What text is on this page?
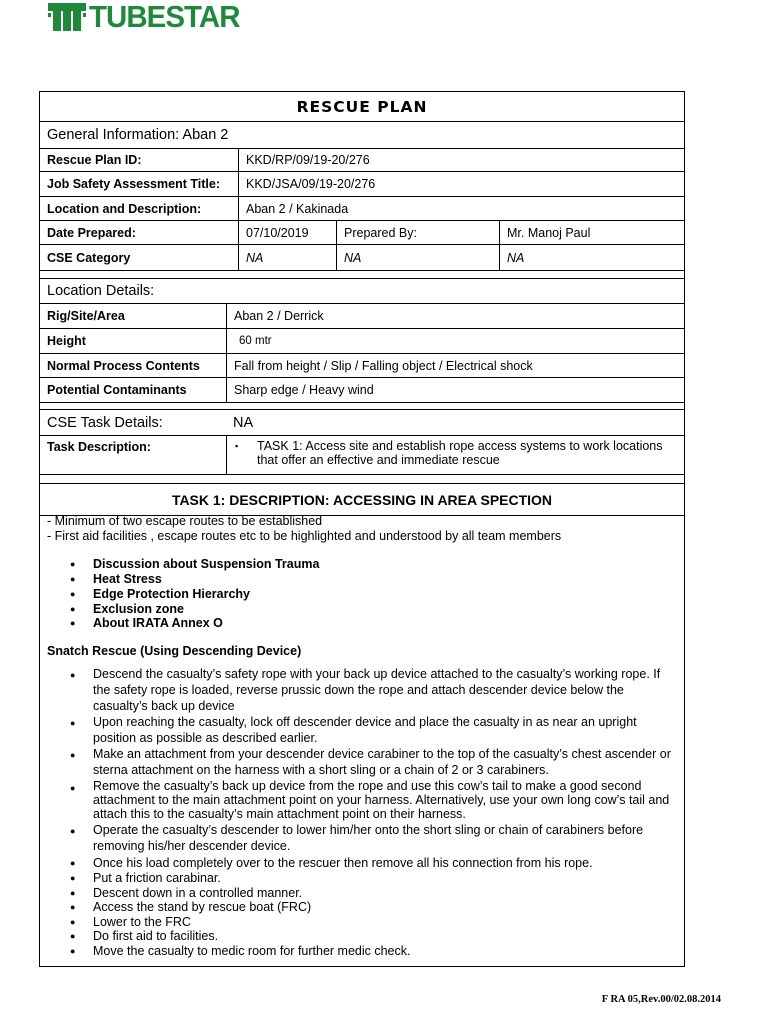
TUBESTAR
RESCUE PLAN
General Information: Aban 2
Rescue Plan ID:	KKD/RP/09/19-20/276
Job Safety Assessment Title:	KKD/JSA/09/19-20/276
Location and Description:	Aban 2 / Kakinada
Date Prepared:	07/10/2019	Prepared By:	Mr. Manoj Paul
CSE Category	NA	NA	NA
Location Details:
Rig/Site/Area	Aban 2 / Derrick
Height	60 mtr
Normal Process Contents	Fall from height / Slip / Falling object / Electrical shock
Potential Contaminants	Sharp edge / Heavy wind
CSE Task Details:	NA
Task Description:	▪ TASK 1: Access site and establish rope access systems to work locations that offer an effective and immediate rescue
TASK 1: DESCRIPTION: ACCESSING IN AREA SPECTION
- Minimum of two escape routes to be established
- First aid facilities , escape routes etc to be highlighted and understood by all team members
● Discussion about Suspension Trauma
● Heat Stress
● Edge Protection Hierarchy
● Exclusion zone
● About IRATA Annex O
Snatch Rescue (Using Descending Device)
● Descend the casualty’s safety rope with your back up device attached to the casualty’s working rope. If the safety rope is loaded, reverse prussic down the rope and attach descender device below the casualty’s back up device
● Upon reaching the casualty, lock off descender device and place the casualty in as near an upright position as possible as described earlier.
● Make an attachment from your descender device carabiner to the top of the casualty’s chest ascender or sterna attachment on the harness with a short sling or a chain of 2 or 3 carabiners.
● Remove the casualty’s back up device from the rope and use this cow’s tail to make a good second attachment to the main attachment point on your harness. Alternatively, use your own long cow’s tail and attach this to the casualty’s main attachment point on their harness.
● Operate the casualty’s descender to lower him/her onto the short sling or chain of carabiners before removing his/her descender device.
● Once his load completely over to the rescuer then remove all his connection from his rope.
● Put a friction carabinar.
● Descent down in a controlled manner.
● Access the stand by rescue boat (FRC)
● Lower to the FRC
● Do first aid to facilities.
● Move the casualty to medic room for further medic check.
F RA 05,Rev.00/02.08.2014
